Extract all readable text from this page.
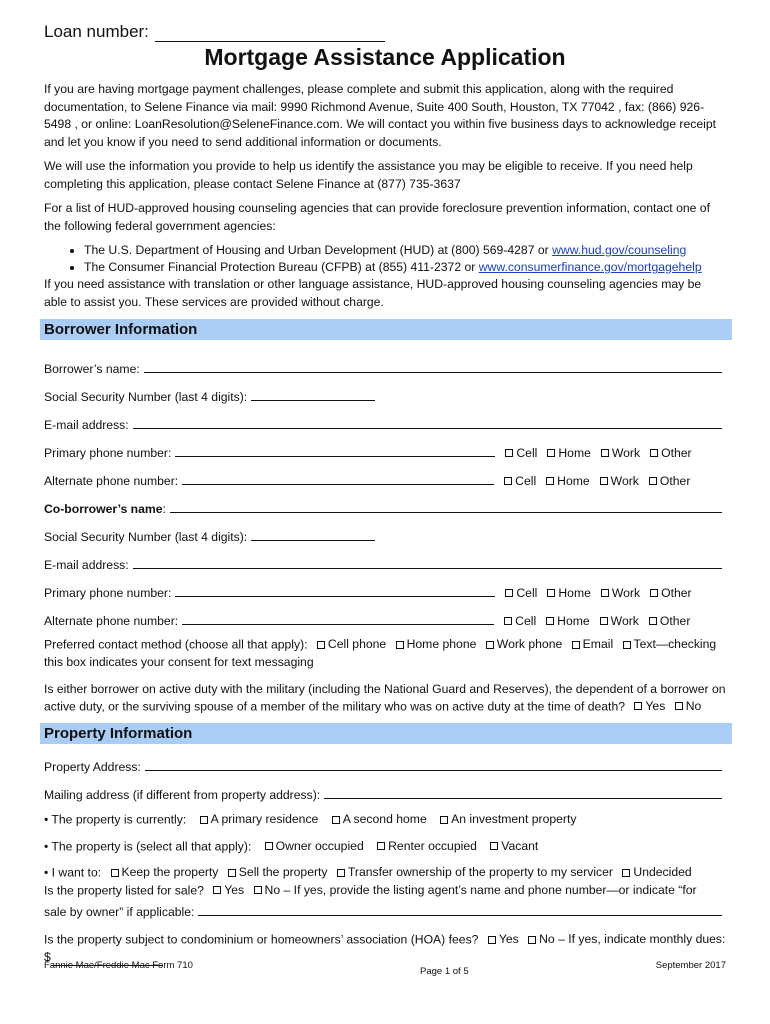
Loan number:
Mortgage Assistance Application

If you are having mortgage payment challenges, please complete and submit this application, along with the required documentation, to Selene Finance via mail: 9990 Richmond Avenue, Suite 400 South, Houston, TX 77042 , fax: (866) 926-5498 , or online: LoanResolution@SeleneFinance.com. We will contact you within five business days to acknowledge receipt and let you know if you need to send additional information or documents.

We will use the information you provide to help us identify the assistance you may be eligible to receive. If you need help completing this application, please contact Selene Finance at (877) 735-3637

For a list of HUD-approved housing counseling agencies that can provide foreclosure prevention information, contact one of the following federal government agencies:

• The U.S. Department of Housing and Urban Development (HUD) at (800) 569-4287 or www.hud.gov/counseling
• The Consumer Financial Protection Bureau (CFPB) at (855) 411-2372 or www.consumerfinance.gov/mortgagehelp

If you need assistance with translation or other language assistance, HUD-approved housing counseling agencies may be able to assist you. These services are provided without charge.

Borrower Information
Borrower’s name:
Social Security Number (last 4 digits):
E-mail address:
Primary phone number:	Cell Home Work Other
Alternate phone number:	Cell Home Work Other
Co-borrower’s name :
Social Security Number (last 4 digits):
E-mail address:
Primary phone number:	Cell Home Work Other
Alternate phone number:	Cell Home Work Other
Preferred contact method (choose all that apply): Cell phone
Home phone
Work phone
Email
Text—checking

this box indicates your consent for text messaging
Is either borrower on active duty with the military (including the National Guard and Reserves), the dependent of a borrower on active duty, or the surviving spouse of a member of the military who was on active duty at the time of death? Yes
No
Property Information
Property Address:
Mailing address (if different from property address):
• The property is currently: A primary residence
A second home
An investment property
• The property is (select all that apply): Owner occupied
Renter occupied
Vacant
• I want to: Keep the property
Sell the property
Transfer ownership of the property to my servicer
Undecided
Is the property listed for sale? Yes
No – If yes, provide the listing agent’s name and phone number—or indicate “for
sale by owner” if applicable:
Is the property subject to condominium or homeowners’ association (HOA) fees? Yes
No – If yes, indicate monthly dues:
$
Fannie Mae/Freddie Mac Form 710
Page 1 of 5
September 2017
